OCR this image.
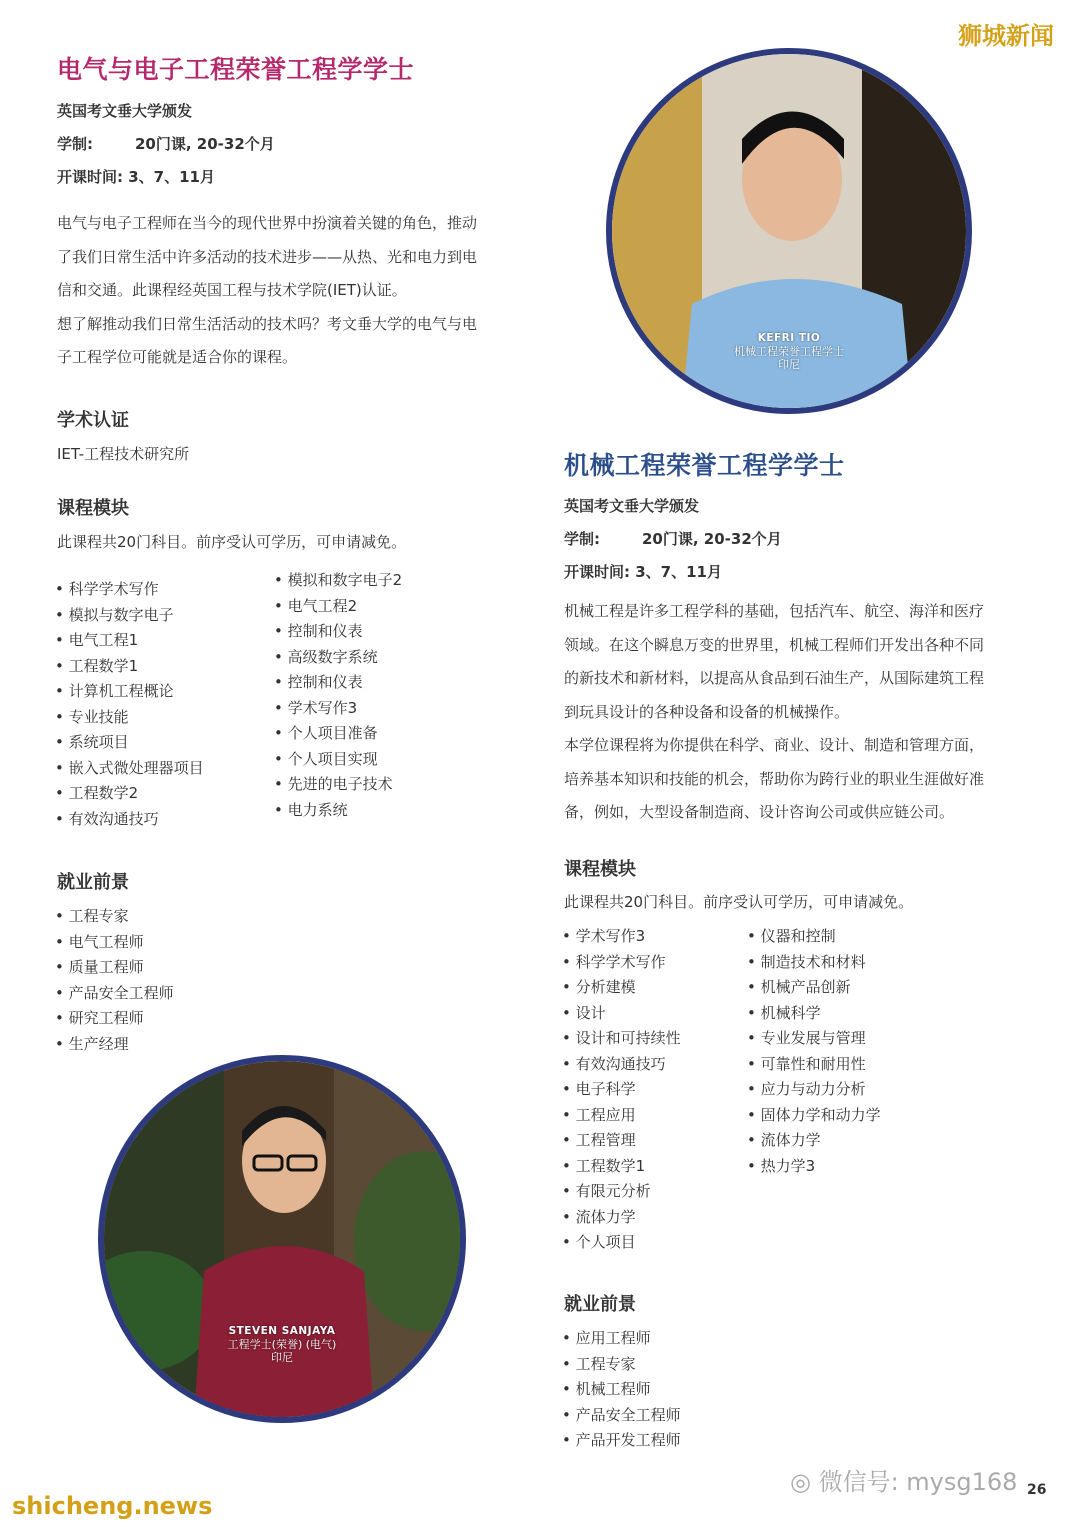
狮城新闻
电气与电子工程荣誉工程学学士
英国考文垂大学颁发
学制:	20门课, 20-32个月
开课时间: 3、7、11月
电气与电子工程师在当今的现代世界中扮演着关键的角色，推动
了我们日常生活中许多活动的技术进步——从热、光和电力到电
信和交通。此课程经英国工程与技术学院(IET)认证。
想了解推动我们日常生活活动的技术吗？考文垂大学的电气与电
子工程学位可能就是适合你的课程。
学术认证
IET-工程技术研究所
课程模块
此课程共20门科目。前序受认可学历，可申请减免。
• 科学学术写作
• 模拟与数字电子
• 电气工程1
• 工程数学1
• 计算机工程概论
• 专业技能
• 系统项目
• 嵌入式微处理器项目
• 工程数学2
• 有效沟通技巧
• 模拟和数字电子2
• 电气工程2
• 控制和仪表
• 高级数字系统
• 控制和仪表
• 学术写作3
• 个人项目准备
• 个人项目实现
• 先进的电子技术
• 电力系统
就业前景
• 工程专家
• 电气工程师
• 质量工程师
• 产品安全工程师
• 研究工程师
• 生产经理
STEVEN SANJAYA
工程学士(荣誉) (电气)
印尼
KEFRI TIO
机械工程荣誉工程学士
印尼
机械工程荣誉工程学学士
英国考文垂大学颁发
学制:	20门课, 20-32个月
开课时间: 3、7、11月
机械工程是许多工程学科的基础，包括汽车、航空、海洋和医疗
领域。在这个瞬息万变的世界里，机械工程师们开发出各种不同
的新技术和新材料，以提高从食品到石油生产，从国际建筑工程
到玩具设计的各种设备和设备的机械操作。
本学位课程将为你提供在科学、商业、设计、制造和管理方面，
培养基本知识和技能的机会，帮助你为跨行业的职业生涯做好准
备，例如，大型设备制造商、设计咨询公司或供应链公司。
课程模块
此课程共20门科目。前序受认可学历，可申请减免。
• 学术写作3
• 科学学术写作
• 分析建模
• 设计
• 设计和可持续性
• 有效沟通技巧
• 电子科学
• 工程应用
• 工程管理
• 工程数学1
• 有限元分析
• 流体力学
• 个人项目
• 仪器和控制
• 制造技术和材料
• 机械产品创新
• 机械科学
• 专业发展与管理
• 可靠性和耐用性
• 应力与动力分析
• 固体力学和动力学
• 流体力学
• 热力学3
就业前景
• 应用工程师
• 工程专家
• 机械工程师
• 产品安全工程师
• 产品开发工程师
◎ 微信号: mysg168 26
shicheng.news
